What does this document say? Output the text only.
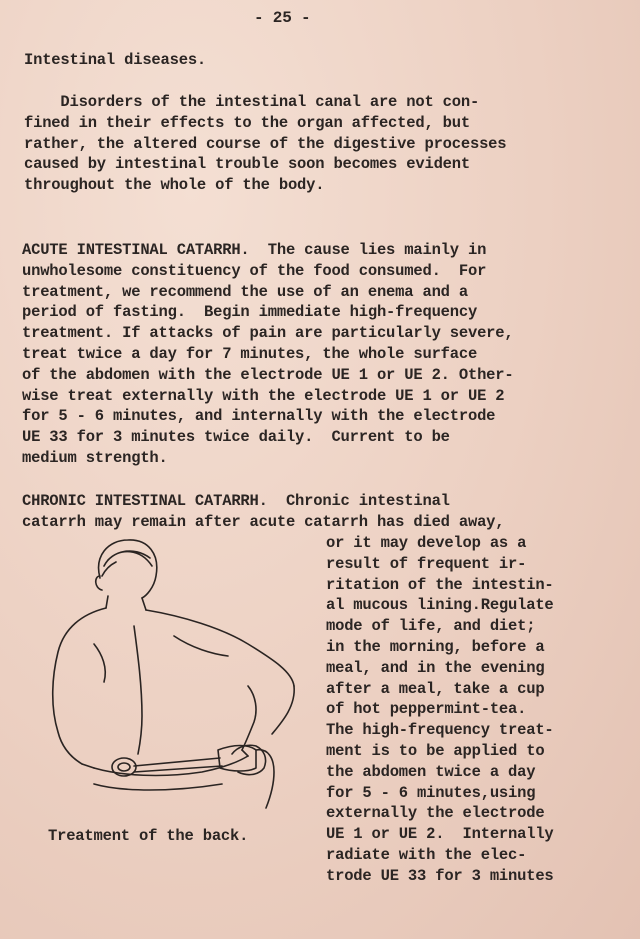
- 25 -
Intestinal diseases.
Disorders of the intestinal canal are not con-
fined in their effects to the organ affected, but
rather, the altered course of the digestive processes
caused by intestinal trouble soon becomes evident
throughout the whole of the body.
ACUTE INTESTINAL CATARRH.  The cause lies mainly in
unwholesome constituency of the food consumed.  For
treatment, we recommend the use of an enema and a
period of fasting.  Begin immediate high-frequency
treatment. If attacks of pain are particularly severe,
treat twice a day for 7 minutes, the whole surface
of the abdomen with the electrode UE 1 or UE 2. Other-
wise treat externally with the electrode UE 1 or UE 2
for 5 - 6 minutes, and internally with the electrode
UE 33 for 3 minutes twice daily.  Current to be
medium strength.
CHRONIC INTESTINAL CATARRH.  Chronic intestinal
catarrh may remain after acute catarrh has died away,
or it may develop as a
result of frequent ir-
ritation of the intestin-
al mucous lining.Regulate
mode of life, and diet;
in the morning, before a
meal, and in the evening
after a meal, take a cup
of hot peppermint-tea.
The high-frequency treat-
ment is to be applied to
the abdomen twice a day
for 5 - 6 minutes,using
externally the electrode
UE 1 or UE 2.  Internally
radiate with the elec-
trode UE 33 for 3 minutes
Treatment of the back.
